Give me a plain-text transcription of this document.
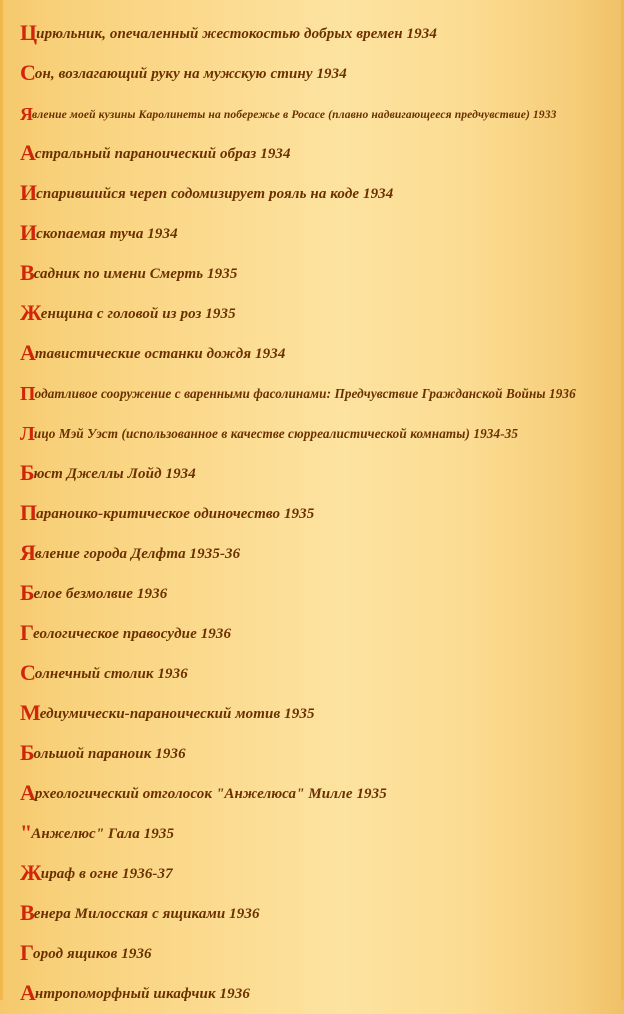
Цирюльник, опечаленный жестокостью добрых времен 1934
Сон, возлагающий руку на мужскую стину 1934
Явление моей кузины Каролинеты на побережье в Росасе (плавно надвигающееся предчувствие) 1933
Астральный параноический образ 1934
Испарившийся череп содомизирует рояль на коде 1934
Ископаемая туча 1934
Всадник по имени Смерть 1935
Женщина с головой из роз 1935
Атавистические останки дождя 1934
Податливое сооружение с варенными фасолинами: Предчувствие Гражданской Войны 1936
Лицо Мэй Уэст (использованное в качестве сюрреалистической комнаты) 1934-35
Бюст Джеллы Лойд 1934
Параноико-критическое одиночество 1935
Явление города Делфта 1935-36
Белое безмолвие 1936
Геологическое правосудие 1936
Солнечный столик 1936
Медиумически-параноический мотив 1935
Большой параноик 1936
Археологический отголосок "Анжелюса" Милле 1935
"Анжелюс" Гала 1935
Жираф в огне 1936-37
Венера Милосская с ящиками 1936
Город ящиков 1936
Антропоморфный шкафчик 1936
